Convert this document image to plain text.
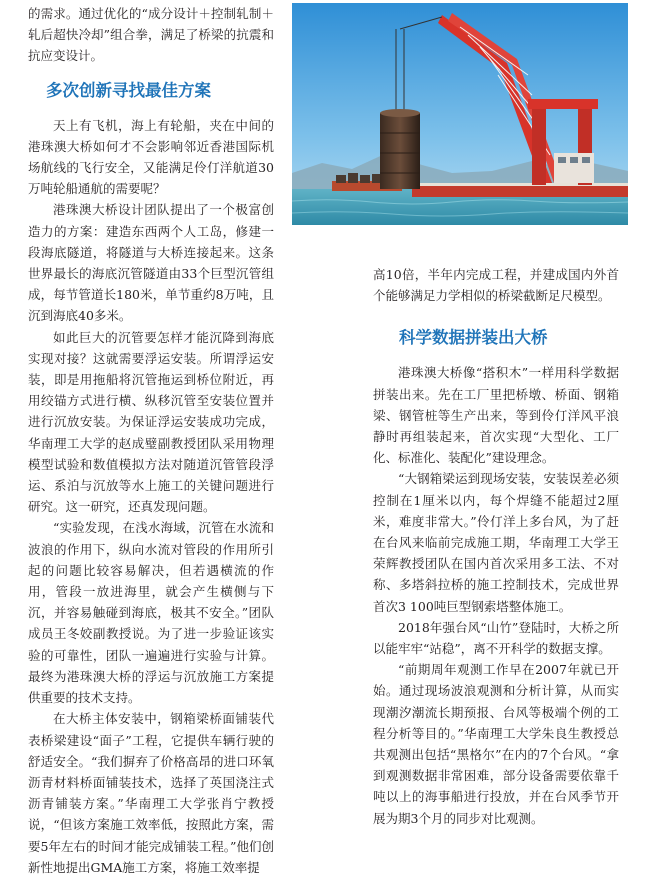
的需求。通过优化的“成分设计＋控制轧制＋轧后超快冷却”组合拳，满足了桥梁的抗震和抗应变设计。

多次创新寻找最佳方案

天上有飞机，海上有轮船，夹在中间的港珠澳大桥如何才不会影响邻近香港国际机场航线的飞行安全，又能满足伶仃洋航道30万吨轮船通航的需要呢？

港珠澳大桥设计团队提出了一个极富创造力的方案：建造东西两个人工岛，修建一段海底隧道，将隧道与大桥连接起来。这条世界最长的海底沉管隧道由33个巨型沉管组成，每节管道长180米，单节重约8万吨，且沉到海底40多米。

如此巨大的沉管要怎样才能沉降到海底实现对接？这就需要浮运安装。所谓浮运安装，即是用拖船将沉管拖运到桥位附近，再用绞锚方式进行横、纵移沉管至安装位置并进行沉放安装。为保证浮运安装成功完成，华南理工大学的赵成璧副教授团队采用物理模型试验和数值模拟方法对随道沉管管段浮运、系泊与沉放等水上施工的关键问题进行研究。这一研究，还真发现问题。

“实验发现，在浅水海域，沉管在水流和波浪的作用下，纵向水流对管段的作用所引起的问题比较容易解决，但若遇横流的作用，管段一放进海里，就会产生横侧与下沉，并容易触碰到海底，极其不安全。”团队成员王冬姣副教授说。为了进一步验证该实验的可靠性，团队一遍遍进行实验与计算。最终为港珠澳大桥的浮运与沉放施工方案提供重要的技术支持。

在大桥主体安装中，钢箱梁桥面铺装代表桥梁建设“面子”工程，它提供车辆行驶的舒适安全。“我们摒弃了价格高昂的进口环氧沥青材料桥面铺装技术，选择了英国浇注式沥青铺装方案。”华南理工大学张肖宁教授说，“但该方案施工效率低，按照此方案，需要5年左右的时间才能完成铺装工程。”他们创新性地提出GMA施工方案，将施工效率提

高10倍，半年内完成工程，并建成国内外首个能够满足力学相似的桥梁截断足尺模型。

科学数据拼装出大桥

港珠澳大桥像“搭积木”一样用科学数据拼装出来。先在工厂里把桥墩、桥面、钢箱梁、钢管桩等生产出来，等到伶仃洋风平浪静时再组装起来，首次实现“大型化、工厂化、标准化、装配化”建设理念。

“大钢箱梁运到现场安装，安装误差必须控制在1厘米以内，每个焊缝不能超过2厘米，难度非常大。”伶仃洋上多台风，为了赶在台风来临前完成施工期，华南理工大学王荣辉教授团队在国内首次采用多工法、不对称、多塔斜拉桥的施工控制技术，完成世界首次3 100吨巨型钢索塔整体施工。

2018年强台风“山竹”登陆时，大桥之所以能牢牢“站稳”，离不开科学的数据支撑。

“前期周年观测工作早在2007年就已开始。通过现场波浪观测和分析计算，从而实现潮汐潮流长期预报、台风等极端个例的工程分析等目的。”华南理工大学朱良生教授总共观测出包括“黑格尔”在内的7个台风。“拿到观测数据非常困难，部分设备需要依靠千吨以上的海事船进行投放，并在台风季节开展为期3个月的同步对比观测。
